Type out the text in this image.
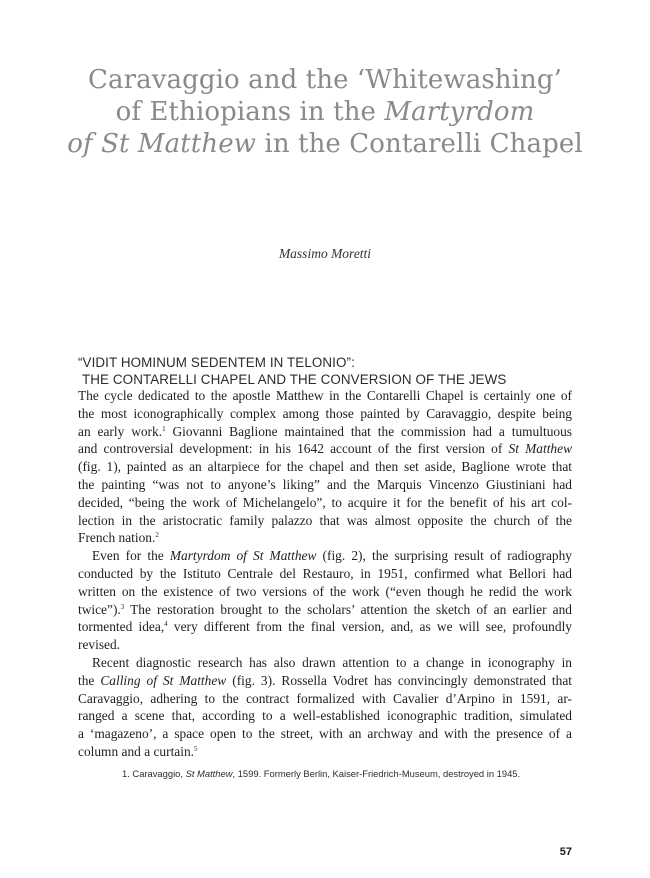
Caravaggio and the ‘Whitewashing’
of Ethiopians in the Martyrdom
of St Matthew in the Contarelli Chapel
Massimo Moretti
“VIDIT HOMINUM SEDENTEM IN TELONIO”:
THE CONTARELLI CHAPEL AND THE CONVERSION OF THE JEWS
The cycle dedicated to the apostle Matthew in the Contarelli Chapel is certainly one of
the most iconographically complex among those painted by Caravaggio, despite being
an early work.$^1$ Giovanni Baglione maintained that the commission had a tumultuous
and controversial development: in his 1642 account of the first version of St Matthew
(fig. 1), painted as an altarpiece for the chapel and then set aside, Baglione wrote that
the painting “was not to anyone’s liking” and the Marquis Vincenzo Giustiniani had
decided, “being the work of Michelangelo”, to acquire it for the benefit of his art col-
lection in the aristocratic family palazzo that was almost opposite the church of the
French nation.$^2$
Even for the Martyrdom of St Matthew (fig. 2), the surprising result of radiography
conducted by the Istituto Centrale del Restauro, in 1951, confirmed what Bellori had
written on the existence of two versions of the work (“even though he redid the work
twice”).$^3$ The restoration brought to the scholars’ attention the sketch of an earlier and
tormented idea,$^4$ very different from the final version, and, as we will see, profoundly
revised.
Recent diagnostic research has also drawn attention to a change in iconography in
the Calling of St Matthew (fig. 3). Rossella Vodret has convincingly demonstrated that
Caravaggio, adhering to the contract formalized with Cavalier d’Arpino in 1591, ar-
ranged a scene that, according to a well-established iconographic tradition, simulated
a ‘magazeno’, a space open to the street, with an archway and with the presence of a
column and a curtain.$^5$
1. Caravaggio, St Matthew, 1599. Formerly Berlin, Kaiser-Friedrich-Museum, destroyed in 1945.
57
